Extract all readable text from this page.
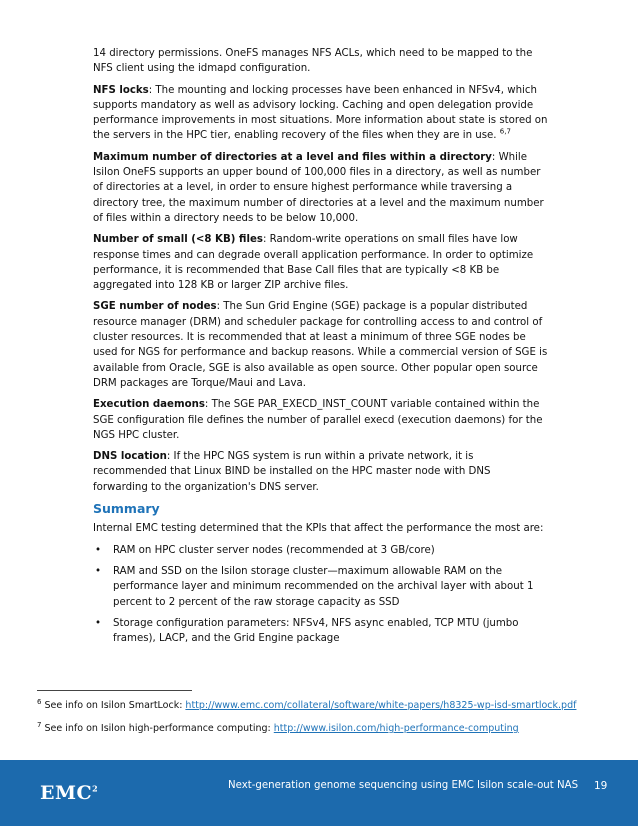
14 directory permissions. OneFS manages NFS ACLs, which need to be mapped to the NFS client using the idmapd configuration.

NFS locks: The mounting and locking processes have been enhanced in NFSv4, which supports mandatory as well as advisory locking. Caching and open delegation provide performance improvements in most situations. More information about state is stored on the servers in the HPC tier, enabling recovery of the files when they are in use. $^{6,7}$

Maximum number of directories at a level and files within a directory: While Isilon OneFS supports an upper bound of 100,000 files in a directory, as well as number of directories at a level, in order to ensure highest performance while traversing a directory tree, the maximum number of directories at a level and the maximum number of files within a directory needs to be below 10,000.

Number of small (<8 KB) files: Random-write operations on small files have low response times and can degrade overall application performance. In order to optimize performance, it is recommended that Base Call files that are typically <8 KB be aggregated into 128 KB or larger ZIP archive files.

SGE number of nodes: The Sun Grid Engine (SGE) package is a popular distributed resource manager (DRM) and scheduler package for controlling access to and control of cluster resources. It is recommended that at least a minimum of three SGE nodes be used for NGS for performance and backup reasons. While a commercial version of SGE is available from Oracle, SGE is also available as open source. Other popular open source DRM packages are Torque/Maui and Lava.

Execution daemons: The SGE PAR_EXECD_INST_COUNT variable contained within the SGE configuration file defines the number of parallel execd (execution daemons) for the NGS HPC cluster.

DNS location: If the HPC NGS system is run within a private network, it is recommended that Linux BIND be installed on the HPC master node with DNS forwarding to the organization's DNS server.

Summary

Internal EMC testing determined that the KPIs that affect the performance the most are:

• RAM on HPC cluster server nodes (recommended at 3 GB/core)
• RAM and SSD on the Isilon storage cluster—maximum allowable RAM on the performance layer and minimum recommended on the archival layer with about 1 percent to 2 percent of the raw storage capacity as SSD
• Storage configuration parameters: NFSv4, NFS async enabled, TCP MTU (jumbo frames), LACP, and the Grid Engine package
$^6$ See info on Isilon SmartLock: http://www.emc.com/collateral/software/white-papers/h8325-wp-isd-smartlock.pdf
$^7$ See info on Isilon high-performance computing: http://www.isilon.com/high-performance-computing
EMC$^2$	Next-generation genome sequencing using EMC Isilon scale-out NAS 19
